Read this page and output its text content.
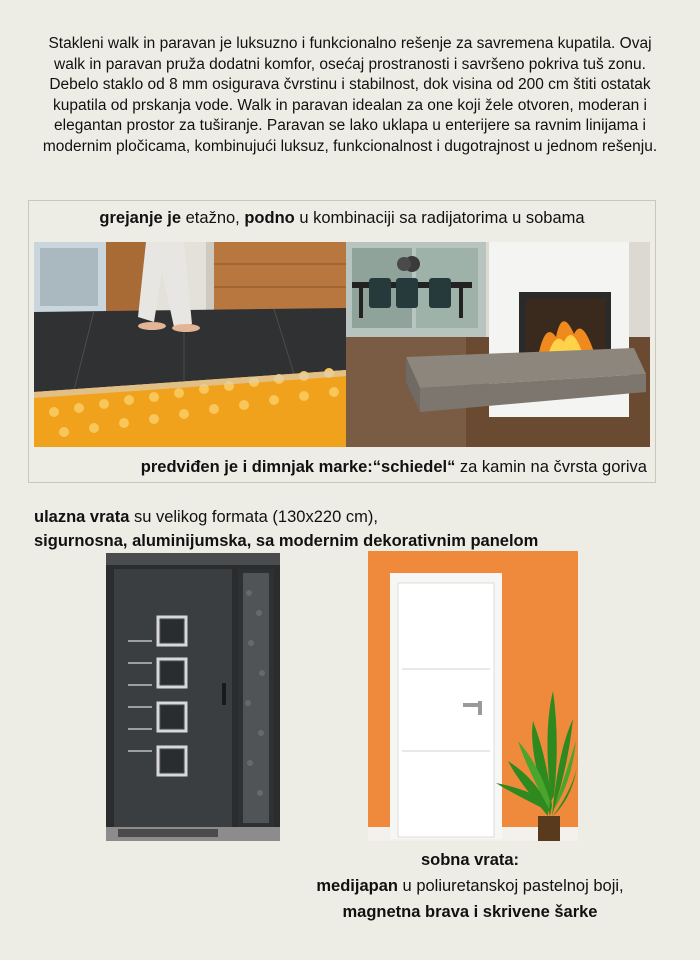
Stakleni walk in paravan je luksuzno i funkcionalno rešenje za savremena kupatila. Ovaj walk in paravan pruža dodatni komfor, osećaj prostranosti i savršeno pokriva tuš zonu. Debelo staklo od 8 mm osigurava čvrstinu i stabilnost, dok visina od 200 cm štiti ostatak kupatila od prskanja vode. Walk in paravan idealan za one koji žele otvoren, moderan i elegantan prostor za tuširanje. Paravan se lako uklapa u enterijere sa ravnim linijama i modernim pločicama, kombinujući luksuz, funkcionalnost i dugotrajnost u jednom rešenju.
grejanje je etažno, podno u kombinaciji sa radijatorima u sobama
predviđen je i dimnjak marke:“schiedel“ za kamin na čvrsta goriva
ulazna vrata su velikog formata (130x220 cm),
sigurnosna, aluminijumska, sa modernim dekorativnim panelom
sobna vrata:
medijapan u poliuretanskoj pastelnoj boji,
magnetna brava i skrivene šarke
